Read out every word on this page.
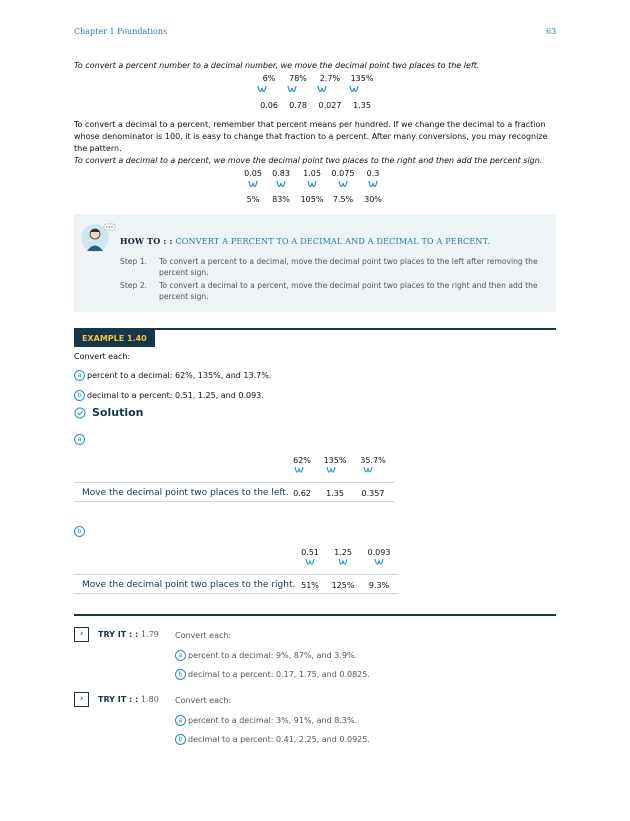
Chapter 1 Foundations	63
To convert a percent number to a decimal number, we move the decimal point two places to the left.
6%	78%	2.7%	135%
0.06	0.78	0.027	1.35
To convert a decimal to a percent, remember that percent means per hundred. If we change the decimal to a fraction whose denominator is 100, it is easy to change that fraction to a percent. After many conversions, you may recognize the pattern.
To convert a decimal to a percent, we move the decimal point two places to the right and then add the percent sign.
0.05	0.83	1.05	0.075	0.3
5%	83%	105%	7.5%	30%
HOW TO : : CONVERT A PERCENT TO A DECIMAL AND A DECIMAL TO A PERCENT.
Step 1. To convert a percent to a decimal, move the decimal point two places to the left after removing the percent sign.
Step 2. To convert a decimal to a percent, move the decimal point two places to the right and then add the percent sign.
EXAMPLE 1.40
Convert each:
a percent to a decimal: 62%, 135%, and 13.7%.
b decimal to a percent: 0.51, 1.25, and 0.093.
Solution
a
62%	135%	35.7%
Move the decimal point two places to the left. 0.62	1.35	0.357
b
0.51	1.25	0.093
Move the decimal point two places to the right. 51%	125%	9.3%
›	TRY IT : : 1.79 Convert each:
a percent to a decimal: 9%, 87%, and 3.9%.
b decimal to a percent: 0.17, 1.75, and 0.0825.
›	TRY IT : : 1.80 Convert each:
a percent to a decimal: 3%, 91%, and 8.3%.
b decimal to a percent: 0.41, 2.25, and 0.0925.
